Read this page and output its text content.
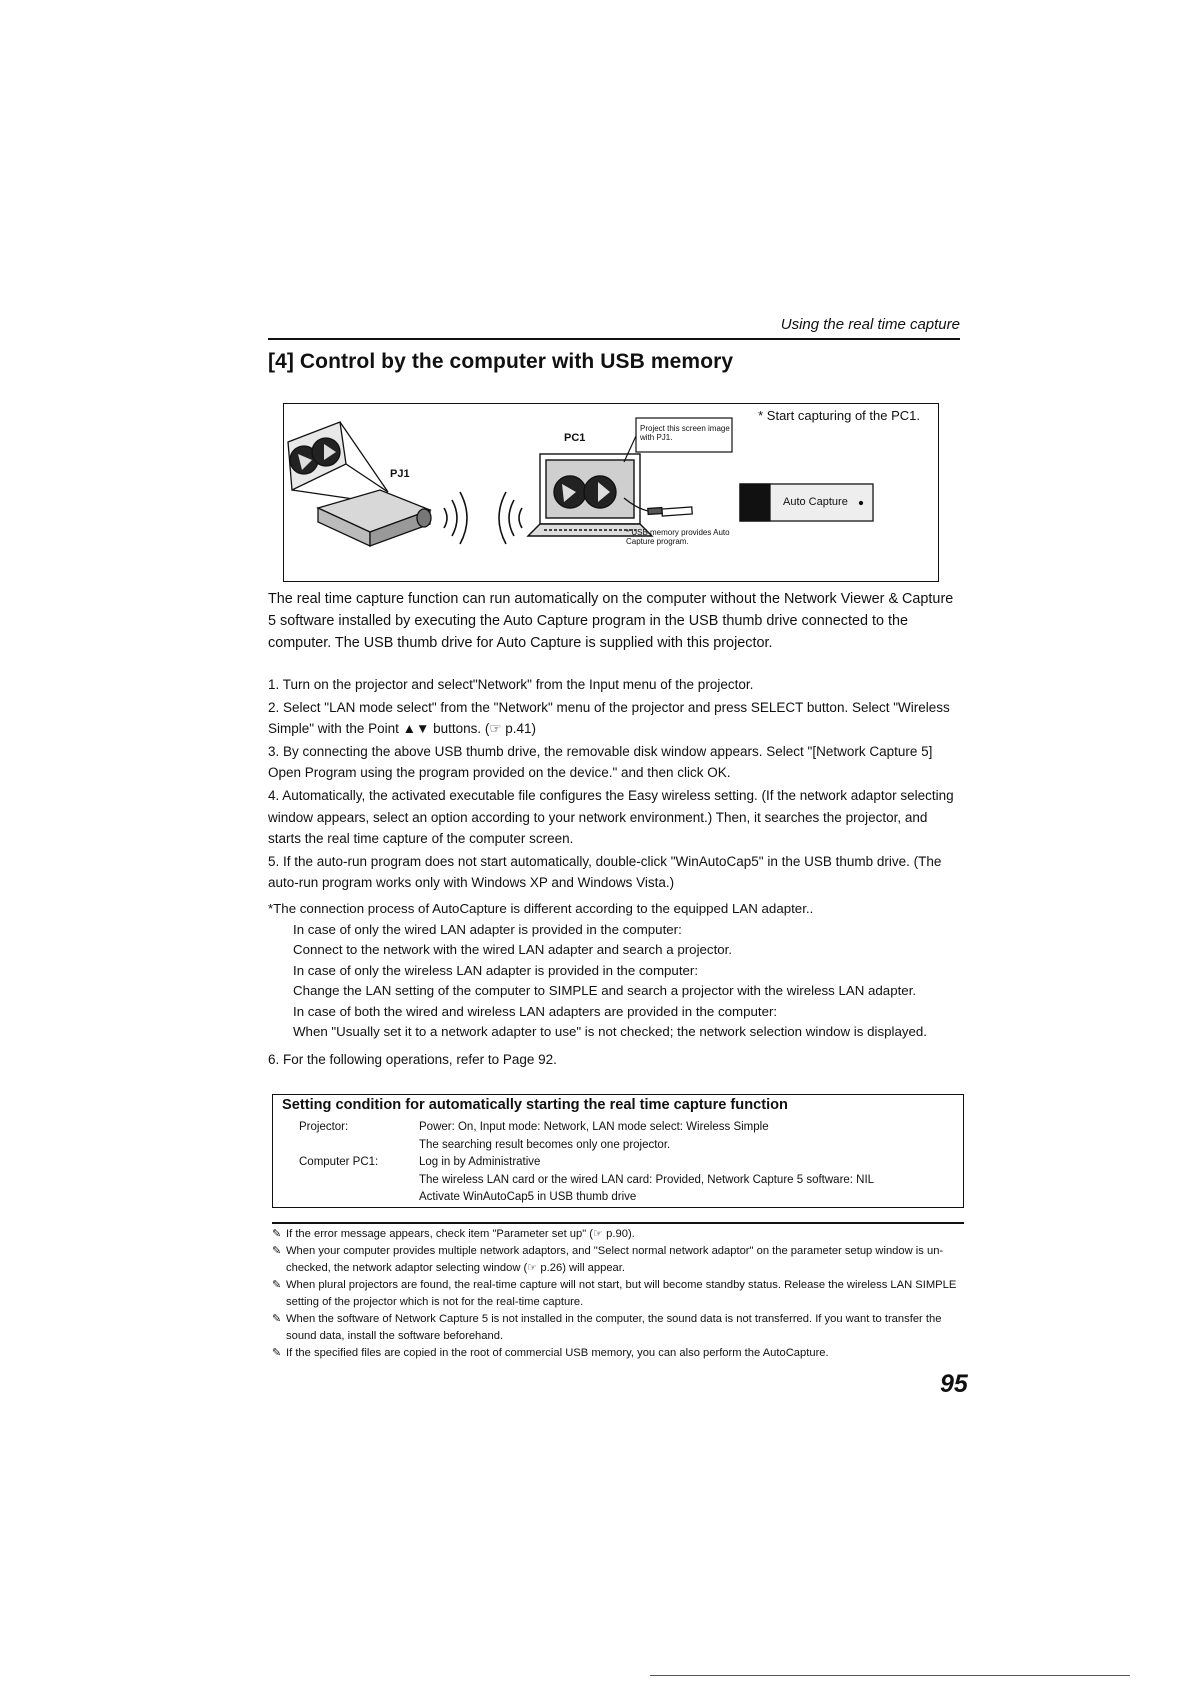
Using the real time capture
[4] Control by the computer with USB memory
PC1
PJ1
Project this screen image with PJ1.
* USB memory provides Auto Capture program.
* Start capturing of the PC1.
Auto Capture
The real time capture function can run automatically on the computer without the Network Viewer & Capture 5 software installed by executing the Auto Capture program in the USB thumb drive connected to the computer. The USB thumb drive for Auto Capture is supplied with this projector.
1. Turn on the projector and select"Network" from the Input menu of the projector.
2. Select "LAN mode select" from the "Network" menu of the projector and press SELECT button. Select "Wireless Simple" with the Point ▲▼ buttons. (☞ p.41)
3. By connecting the above USB thumb drive, the removable disk window appears. Select "[Network Capture 5] Open Program using the program provided on the device." and then click OK.
4. Automatically, the activated executable file configures the Easy wireless setting. (If the network adaptor selecting window appears, select an option according to your network environment.) Then, it searches the projector, and starts the real time capture of the computer screen.
5. If the auto-run program does not start automatically, double-click "WinAutoCap5" in the USB thumb drive. (The auto-run program works only with Windows XP and Windows Vista.)
*The connection process of AutoCapture is different according to the equipped LAN adapter..
In case of only the wired LAN adapter is provided in the computer:
Connect to the network with the wired LAN adapter and search a projector.
In case of only the wireless LAN adapter is provided in the computer:
Change the LAN setting of the computer to SIMPLE and search a projector with the wireless LAN adapter.
In case of both the wired and wireless LAN adapters are provided in the computer:
When "Usually set it to a network adapter to use" is not checked; the network selection window is displayed.
6. For the following operations, refer to Page 92.
Setting condition for automatically starting the real time capture function
Projector:	Power: On, Input mode: Network, LAN mode select: Wireless Simple
The searching result becomes only one projector.
Computer PC1:	Log in by Administrative
The wireless LAN card or the wired LAN card: Provided, Network Capture 5 software: NIL
Activate WinAutoCap5 in USB thumb drive
✎ If the error message appears, check item "Parameter set up" (☞ p.90).
✎ When your computer provides multiple network adaptors, and "Select normal network adaptor" on the parameter setup window is un-checked, the network adaptor selecting window (☞ p.26) will appear.
✎ When plural projectors are found, the real-time capture will not start, but will become standby status. Release the wireless LAN SIMPLE setting of the projector which is not for the real-time capture.
✎ When the software of Network Capture 5 is not installed in the computer, the sound data is not transferred. If you want to transfer the sound data, install the software beforehand.
✎ If the specified files are copied in the root of commercial USB memory, you can also perform the AutoCapture.
95
